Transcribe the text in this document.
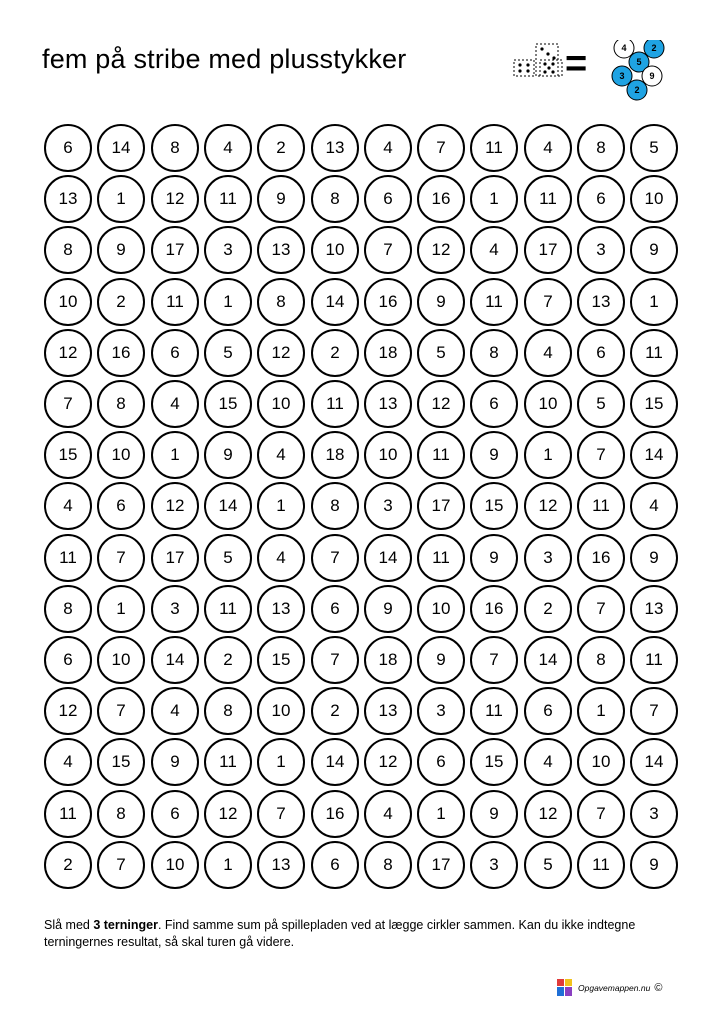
fem på stribe med plusstykker	=	4	2
5
3	9
2
6	14	8	4	2	13	4	7	11	4	8	5
13	1	12	11	9	8	6	16	1	11	6	10
8	9	17	3	13	10	7	12	4	17	3	9
10	2	11	1	8	14	16	9	11	7	13	1
12	16	6	5	12	2	18	5	8	4	6	11
7	8	4	15	10	11	13	12	6	10	5	15
15	10	1	9	4	18	10	11	9	1	7	14
4	6	12	14	1	8	3	17	15	12	11	4
11	7	17	5	4	7	14	11	9	3	16	9
8	1	3	11	13	6	9	10	16	2	7	13
6	10	14	2	15	7	18	9	7	14	8	11
12	7	4	8	10	2	13	3	11	6	1	7
4	15	9	11	1	14	12	6	15	4	10	14
11	8	6	12	7	16	4	1	9	12	7	3
2	7	10	1	13	6	8	17	3	5	11	9
Slå med 3 terninger. Find samme sum på spillepladen ved at lægge cirkler sammen. Kan du ikke indtegne terningernes resultat, så skal turen gå videre.
Opgavemappen.nu ©
